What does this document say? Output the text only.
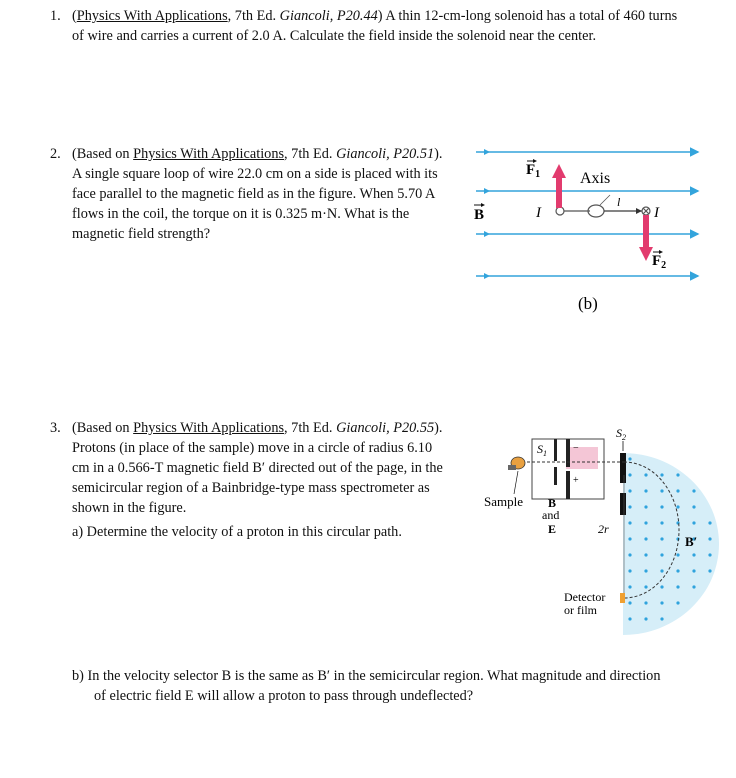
1. (Physics With Applications, 7th Ed. Giancoli, P20.44) A thin 12-cm-long solenoid has a total of 460 turns
of wire and carries a current of 2.0 A. Calculate the field inside the solenoid near the center.
2. (Based on Physics With Applications, 7th Ed. Giancoli, P20.51).
A single square loop of wire 22.0 cm on a side is placed with its
face parallel to the magnetic field as in the figure. When 5.70 A
flows in the coil, the torque on it is 0.325 m·N. What is the
magnetic field strength?
l
$F_1$
$F_2$
Axis
B	I	I
(b)
3. (Based on Physics With Applications, 7th Ed. Giancoli, P20.55).
Protons (in place of the sample) move in a circle of radius 6.10
cm in a 0.566-T magnetic field B′ directed out of the page, in the
semicircular region of a Bainbridge-type mass spectrometer as
shown in the figure.
a) Determine the velocity of a proton in this circular path.
$S_2$
−
+
$S_1$
2r
Sample B
and
E
B′
Detector
or film
b) In the velocity selector B is the same as B′ in the semicircular region. What magnitude and direction
of electric field E will allow a proton to pass through undeflected?
